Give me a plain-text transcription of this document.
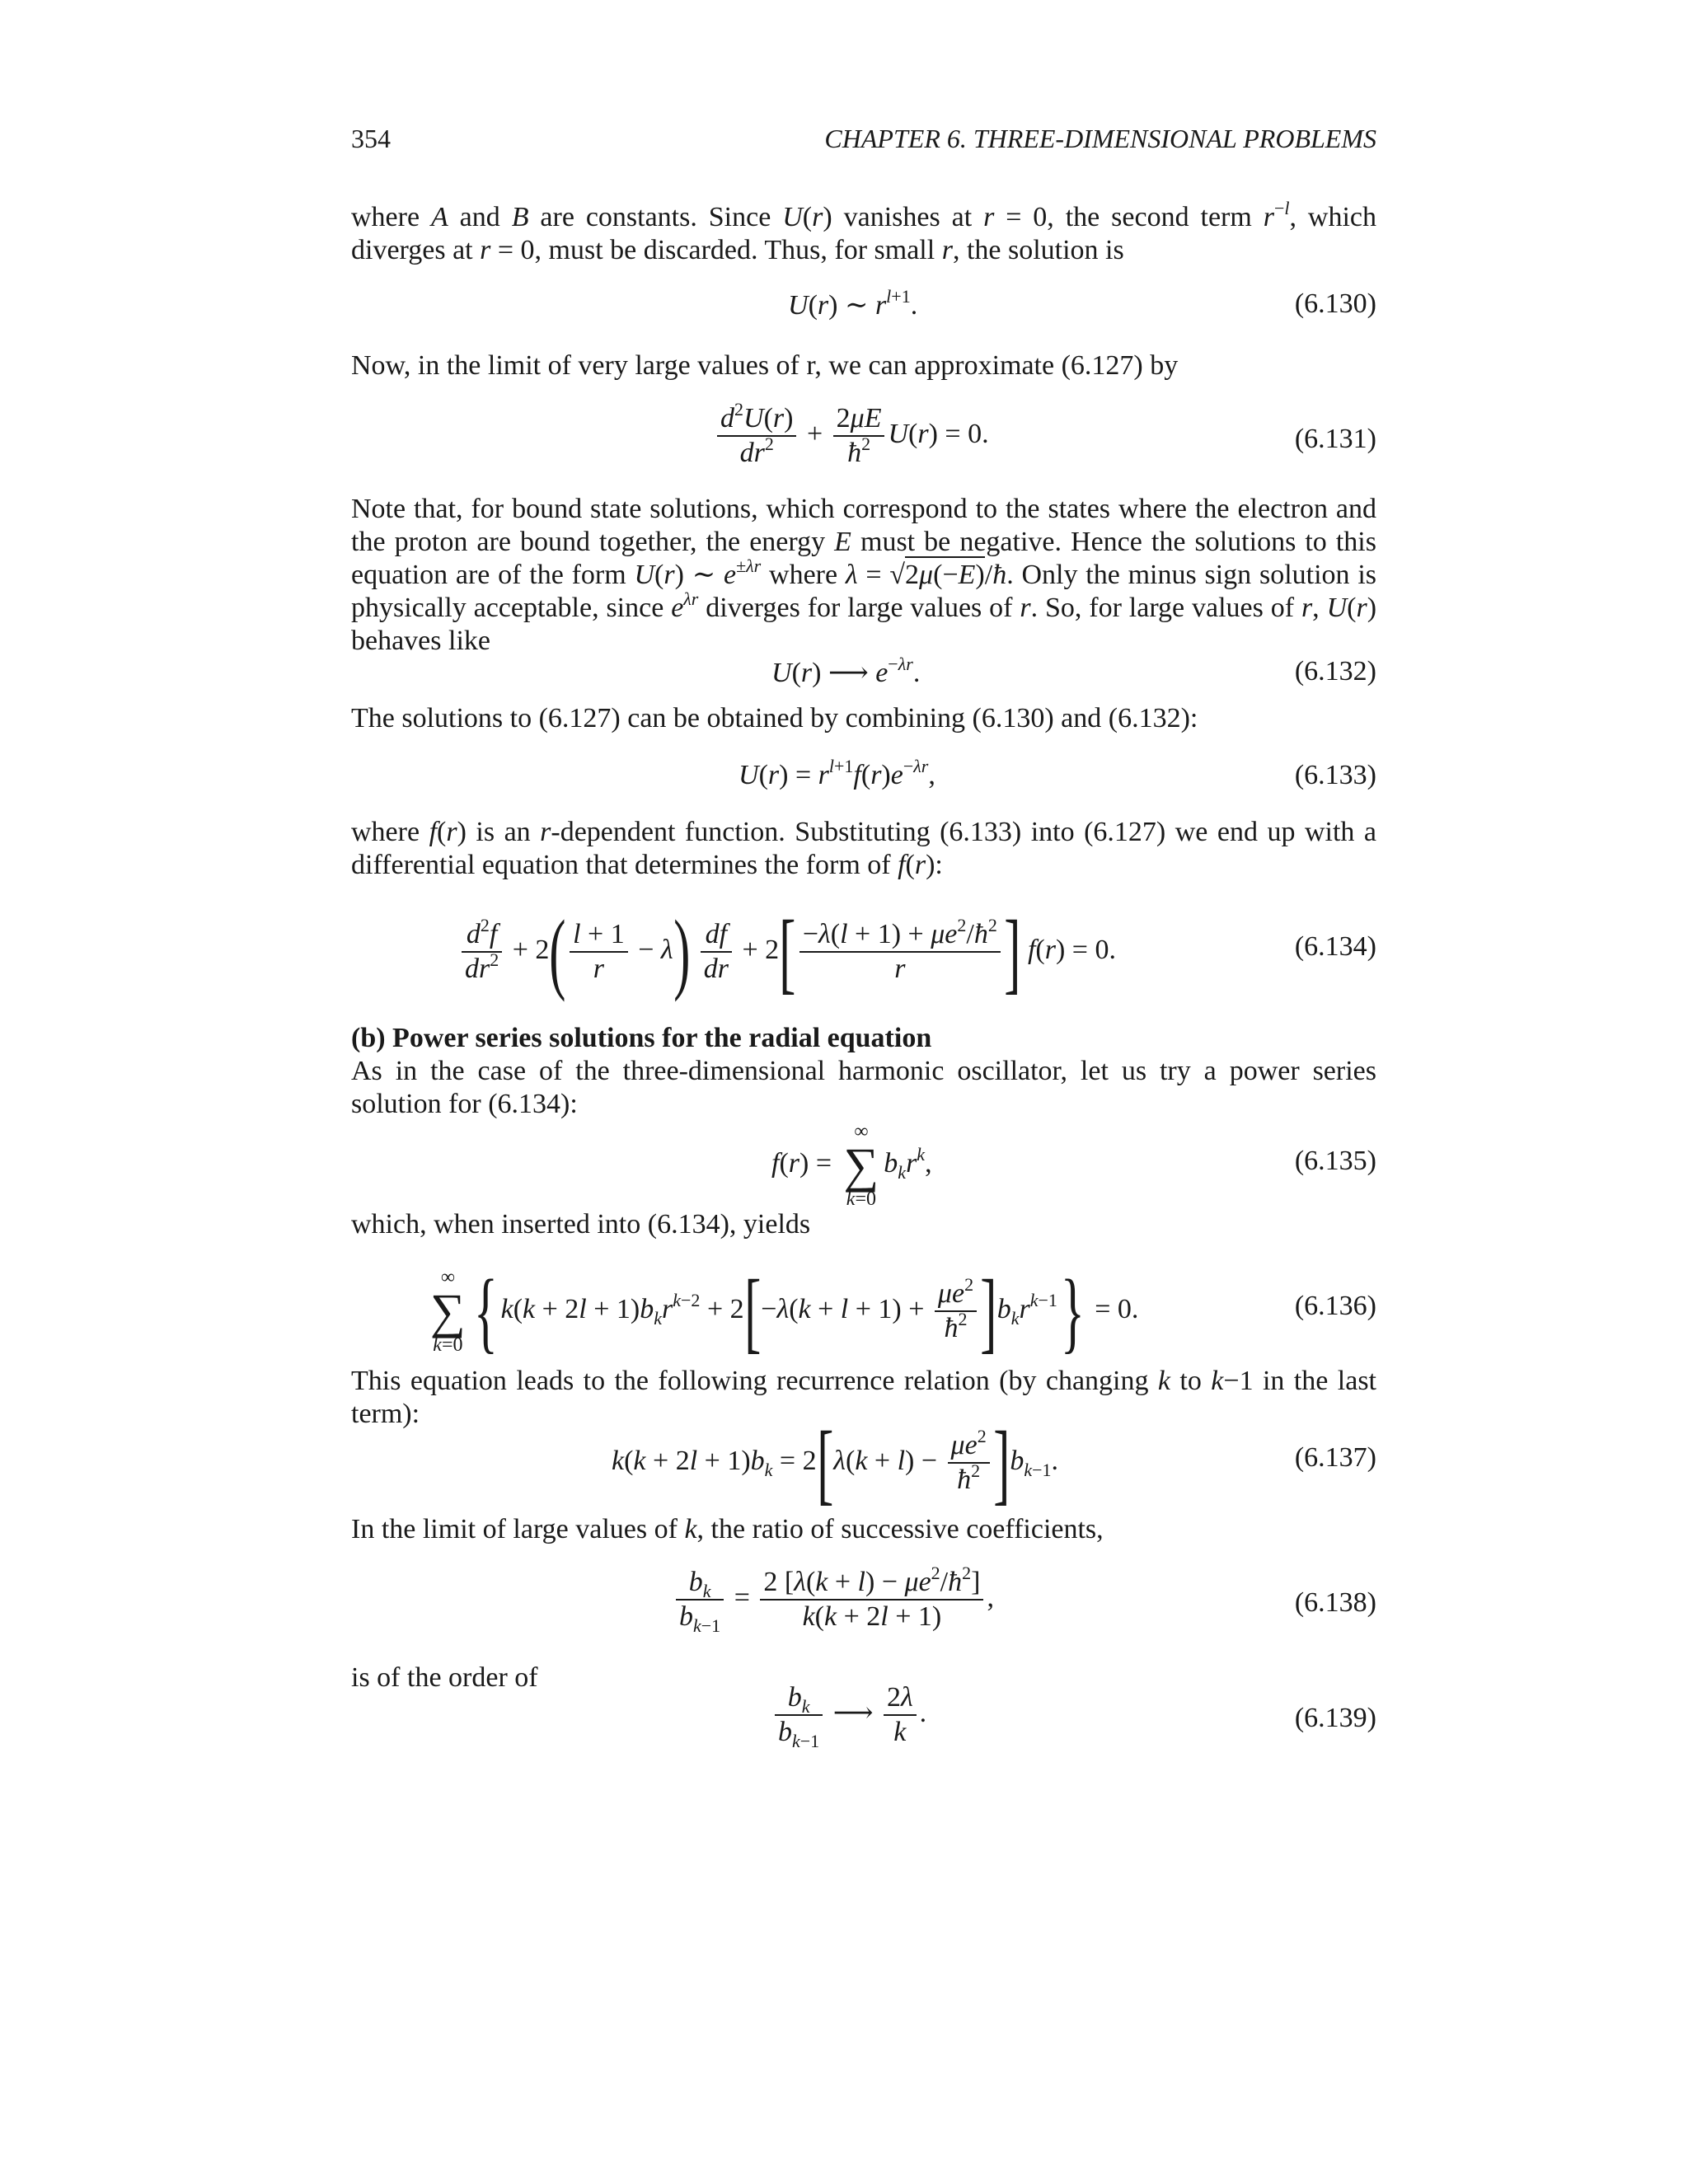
354	CHAPTER 6. THREE-DIMENSIONAL PROBLEMS
where A and B are constants. Since U(r) vanishes at r = 0, the second term $r^{-l}$, which diverges at r = 0, must be discarded. Thus, for small r, the solution is
U(r) ∼ $r^{l+1}$.	(6.130)
Now, in the limit of very large values of r, we can approximate (6.127) by
$\frac{d^2U(r)}{dr^2} + \frac{2\mu E}{ħ^2} U(r) = 0$.	(6.131)
Note that, for bound state solutions, which correspond to the states where the electron and the proton are bound together, the energy E must be negative. Hence the solutions to this equation are of the form U(r) ∼ $e^{\pm\lambda r}$ where λ = √2μ(−E)/ħ. Only the minus sign solution is physically acceptable, since $e^{\lambda r}$ diverges for large values of r. So, for large values of r, U(r) behaves like
U(r) ⟶ $e^{-\lambda r}$.	(6.132)
The solutions to (6.127) can be obtained by combining (6.130) and (6.132):
$U(r) = r^{l+1}f(r)e^{-\lambda r}$,	(6.133)
where f(r) is an r-dependent function. Substituting (6.133) into (6.127) we end up with a differential equation that determines the form of f(r):
$\frac{d^2f}{dr^2} + 2( \frac{l + 1}{r} - \lambda) \frac{df}{dr} + 2[ \frac{-\lambda(l + 1) + \mu e^2/ħ^2}{r}$ ] f(r) = 0.	(6.134)
(b) Power series solutions for the radial equation
As in the case of the three-dimensional harmonic oscillator, let us try a power series solution for (6.134):
f(r) =
∞
∑
k=0
$b_kr^k$,	(6.135)
which, when inserted into (6.134), yields
∞
∑
k=0 { $k(k + 2l + 1)b_kr^{k-2} + 2[-\lambda(k + l + 1) + \frac{\mu e^2}{ħ^2} ]b_kr^{k-1}\} = 0$.	(6.136)
This equation leads to the following recurrence relation (by changing k to k−1 in the last term):
$k(k + 2l + 1)b_k = 2[\lambda(k + l) - \frac{\mu e^2}{ħ^2} ]b_{k-1}$.	(6.137)
In the limit of large values of k, the ratio of successive coefficients,
$\frac{b_k}{b_{k-1}} = \frac{2 [\lambda(k + l) - \mu e^2/ħ^2]}{k(k + 2l + 1)}$ ,	(6.138)
is of the order of
$\frac{b_k}{b_{k-1}}$ ⟶ $\frac{2\lambda}{k}$ .	(6.139)
